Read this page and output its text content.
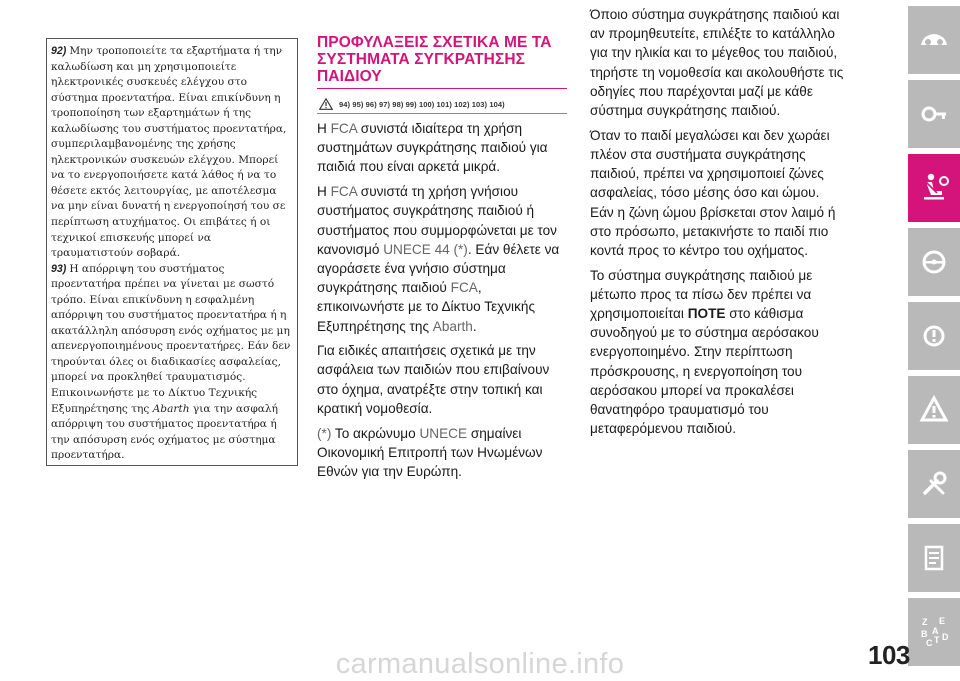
92) Μην τροποποιείτε τα εξαρτήματα ή την καλωδίωση και μη χρησιμοποιείτε ηλεκτρονικές συσκευές ελέγχου στο σύστημα προεντατήρα. Είναι επικίνδυνη η τροποποίηση των εξαρτημάτων ή της καλωδίωσης του συστήματος προεντατήρα, συμπεριλαμβανομένης της χρήσης ηλεκτρονικών συσκευών ελέγχου. Μπορεί να το ενεργοποιήσετε κατά λάθος ή να το θέσετε εκτός λειτουργίας, με αποτέλεσμα να μην είναι δυνατή η ενεργοποίησή του σε περίπτωση ατυχήματος. Οι επιβάτες ή οι τεχνικοί επισκευής μπορεί να τραυματιστούν σοβαρά.

93) Η απόρριψη του συστήματος προεντατήρα πρέπει να γίνεται με σωστό τρόπο. Είναι επικίνδυνη η εσφαλμένη απόρριψη του συστήματος προεντατήρα ή η ακατάλληλη απόσυρση ενός οχήματος με μη απενεργοποιημένους προεντατήρες. Εάν δεν τηρούνται όλες οι διαδικασίες ασφαλείας, μπορεί να προκληθεί τραυματισμός. Επικοινωνήστε με το Δίκτυο Τεχνικής Εξυπηρέτησης της Abarth για την ασφαλή απόρριψη του συστήματος προεντατήρα ή την απόσυρση ενός οχήματος με σύστημα προεντατήρα.

ΠΡΟΦΥΛΑΞΕΙΣ ΣΧΕΤΙΚΑ ΜΕ ΤΑ ΣΥΣΤΗΜΑΤΑ ΣΥΓΚΡΑΤΗΣΗΣ ΠΑΙΔΙΟΥ
94) 95) 96) 97) 98) 99) 100) 101) 102) 103) 104)

Η FCA συνιστά ιδιαίτερα τη χρήση συστημάτων συγκράτησης παιδιού για παιδιά που είναι αρκετά μικρά.

Η FCA συνιστά τη χρήση γνήσιου συστήματος συγκράτησης παιδιού ή συστήματος που συμμορφώνεται με τον κανονισμό UNECE 44 (*). Εάν θέλετε να αγοράσετε ένα γνήσιο σύστημα συγκράτησης παιδιού FCA, επικοινωνήστε με το Δίκτυο Τεχνικής Εξυπηρέτησης της Abarth.

Για ειδικές απαιτήσεις σχετικά με την ασφάλεια των παιδιών που επιβαίνουν στο όχημα, ανατρέξτε στην τοπική και κρατική νομοθεσία.

(*) Το ακρώνυμο UNECE σημαίνει Οικονομική Επιτροπή των Ηνωμένων Εθνών για την Ευρώπη.

Όποιο σύστημα συγκράτησης παιδιού και αν προμηθευτείτε, επιλέξτε το κατάλληλο για την ηλικία και το μέγεθος του παιδιού, τηρήστε τη νομοθεσία και ακολουθήστε τις οδηγίες που παρέχονται μαζί με κάθε σύστημα συγκράτησης παιδιού.

Όταν το παιδί μεγαλώσει και δεν χωράει πλέον στα συστήματα συγκράτησης παιδιού, πρέπει να χρησιμοποιεί ζώνες ασφαλείας, τόσο μέσης όσο και ώμου. Εάν η ζώνη ώμου βρίσκεται στον λαιμό ή στο πρόσωπο, μετακινήστε το παιδί πιο κοντά προς το κέντρο του οχήματος.

Το σύστημα συγκράτησης παιδιού με μέτωπο προς τα πίσω δεν πρέπει να χρησιμοποιείται ΠΟΤΕ στο κάθισμα συνοδηγού με το σύστημα αερόσακου ενεργοποιημένο. Στην περίπτωση πρόσκρουσης, η ενεργοποίηση του αερόσακου μπορεί να προκαλέσει θανατηφόρο τραυματισμό του μεταφερόμενου παιδιού.

Z E B A C T D
103
carmanualsonline.info
